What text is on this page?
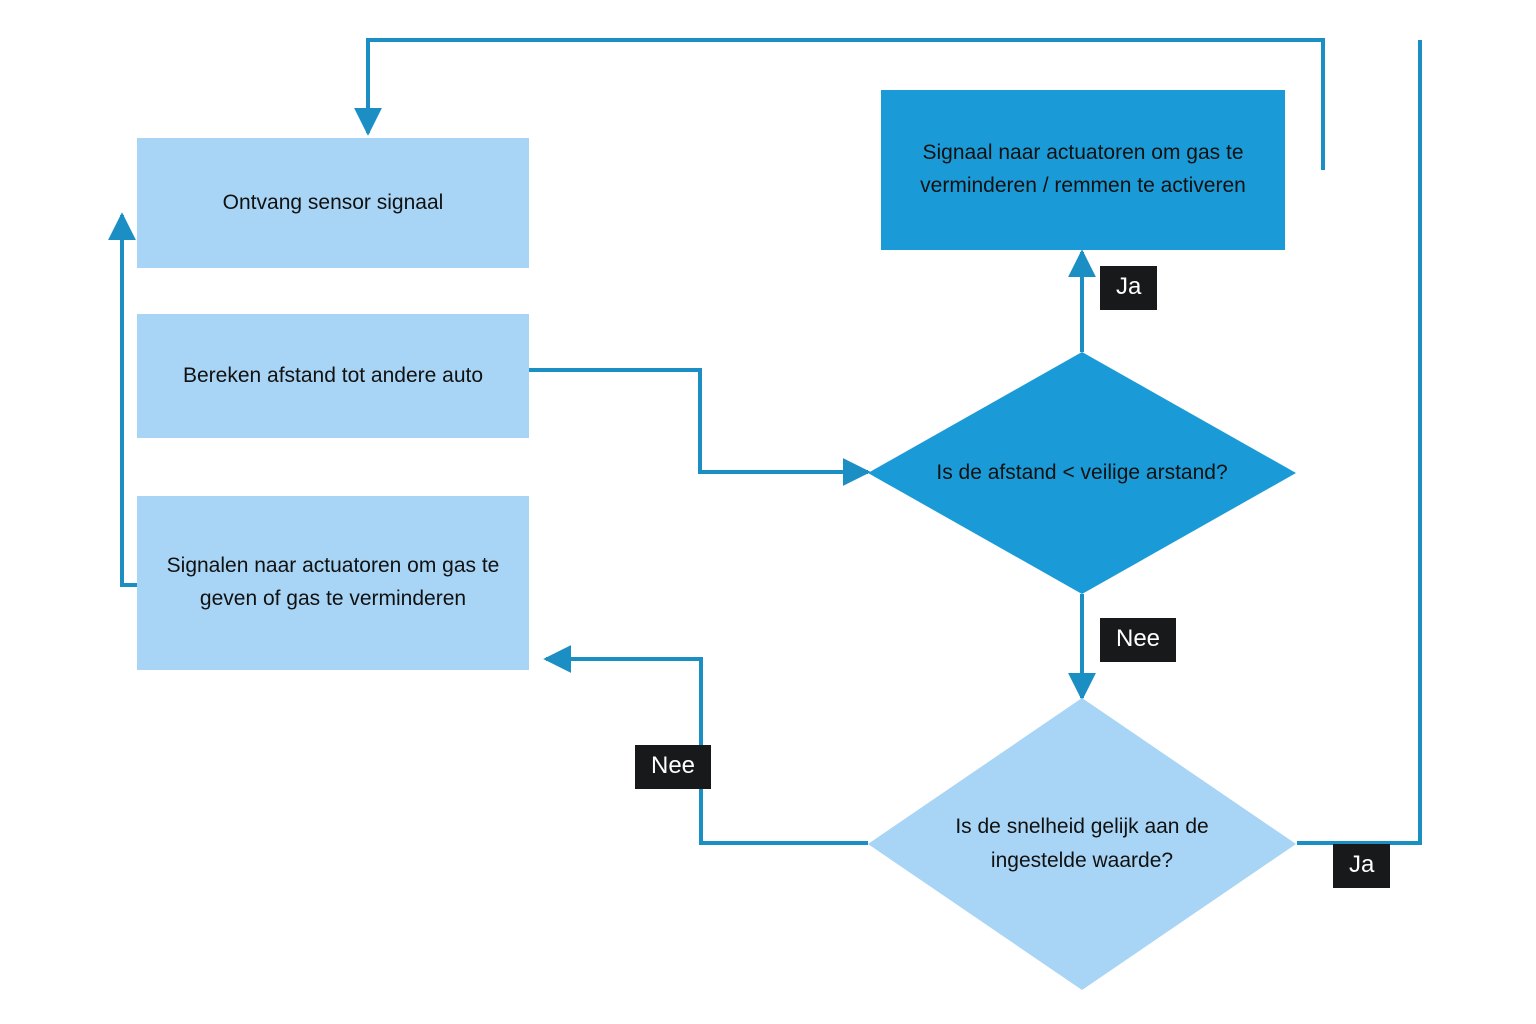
Ontvang sensor signaal
Bereken afstand tot andere auto
Signalen naar actuatoren om gas te geven of gas te verminderen
Signaal naar actuatoren om gas te verminderen / remmen te activeren
Is de afstand < veilige arstand?
Is de snelheid gelijk aan de ingestelde waarde?
Ja
Nee
Nee
Ja
